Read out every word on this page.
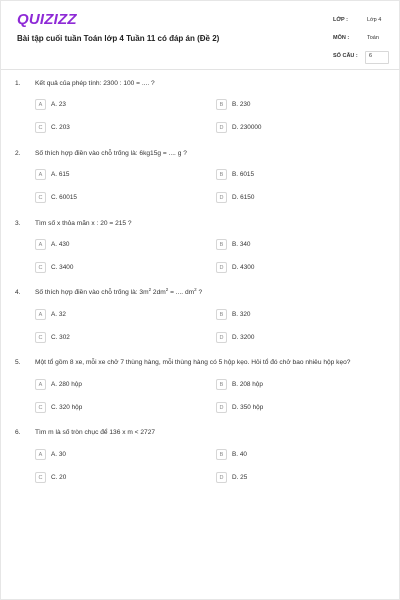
QUIZIZZ
Bài tập cuối tuần Toán lớp 4 Tuần 11 có đáp án (Đề 2)
LỚP :	Lớp 4
MÔN :	Toán
SỐ CÂU : 6
1. Kết quả của phép tính: 2300 : 100 = .... ?
A	A. 23	B	B. 230
C	C. 203	D	D. 230000
2. Số thích hợp điền vào chỗ trống là: 6kg15g = .... g ?
A	A. 615	B	B. 6015
C	C. 60015	D	D. 6150
3. Tìm số x thỏa mãn x : 20 = 215 ?
A	A. 430	B	B. 340
C	C. 3400	D	D. 4300
4. Số thích hợp điền vào chỗ trống là: $3m^2$ $2dm^2$ = .... $dm^2$ ?
A	A. 32	B	B. 320
C	C. 302	D	D. 3200
5. Một tổ gồm 8 xe, mỗi xe chở 7 thùng hàng, mỗi thùng hàng có 5 hộp kẹo. Hỏi tổ đó chở bao nhiêu hộp kẹo?
A	A. 280 hộp	B	B. 208 hộp
C	C. 320 hộp	D	D. 350 hộp
6. Tìm m là số tròn chục để 136 x m < 2727
A	A. 30	B	B. 40
C	C. 20	D	D. 25
